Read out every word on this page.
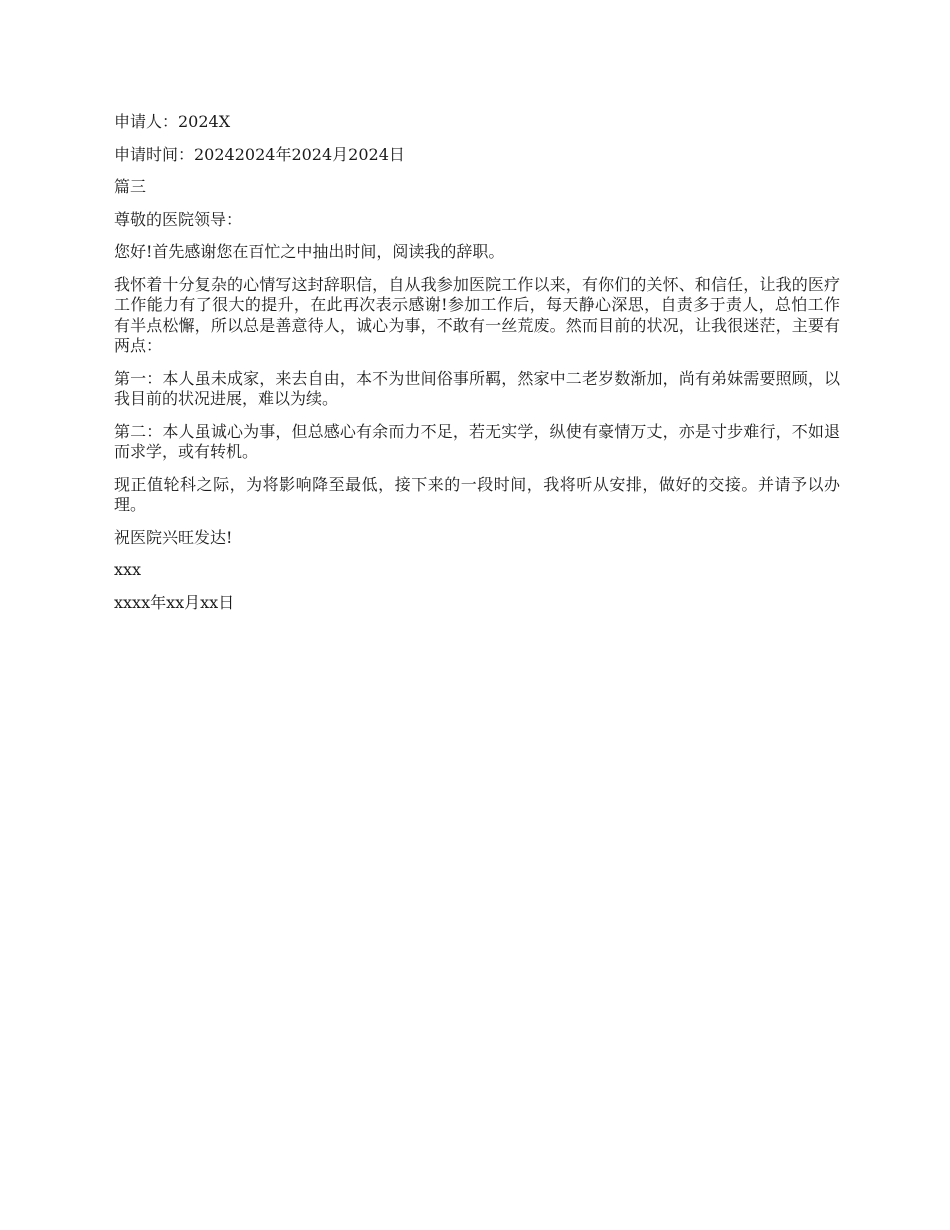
申请人：2024X

申请时间：20242024年2024月2024日

篇三

尊敬的医院领导：

您好!首先感谢您在百忙之中抽出时间，阅读我的辞职。

我怀着十分复杂的心情写这封辞职信，自从我参加医院工作以来，有你们的关怀、和信任，让我的医疗工作能力有了很大的提升，在此再次表示感谢!参加工作后，每天静心深思，自责多于责人，总怕工作有半点松懈，所以总是善意待人，诚心为事，不敢有一丝荒废。然而目前的状况，让我很迷茫，主要有两点：

第一：本人虽未成家，来去自由，本不为世间俗事所羁，然家中二老岁数渐加，尚有弟妹需要照顾，以我目前的状况进展，难以为续。

第二：本人虽诚心为事，但总感心有余而力不足，若无实学，纵使有豪情万丈，亦是寸步难行，不如退而求学，或有转机。

现正值轮科之际，为将影响降至最低，接下来的一段时间，我将听从安排，做好的交接。并请予以办理。

祝医院兴旺发达!

xxx

xxxx年xx月xx日
